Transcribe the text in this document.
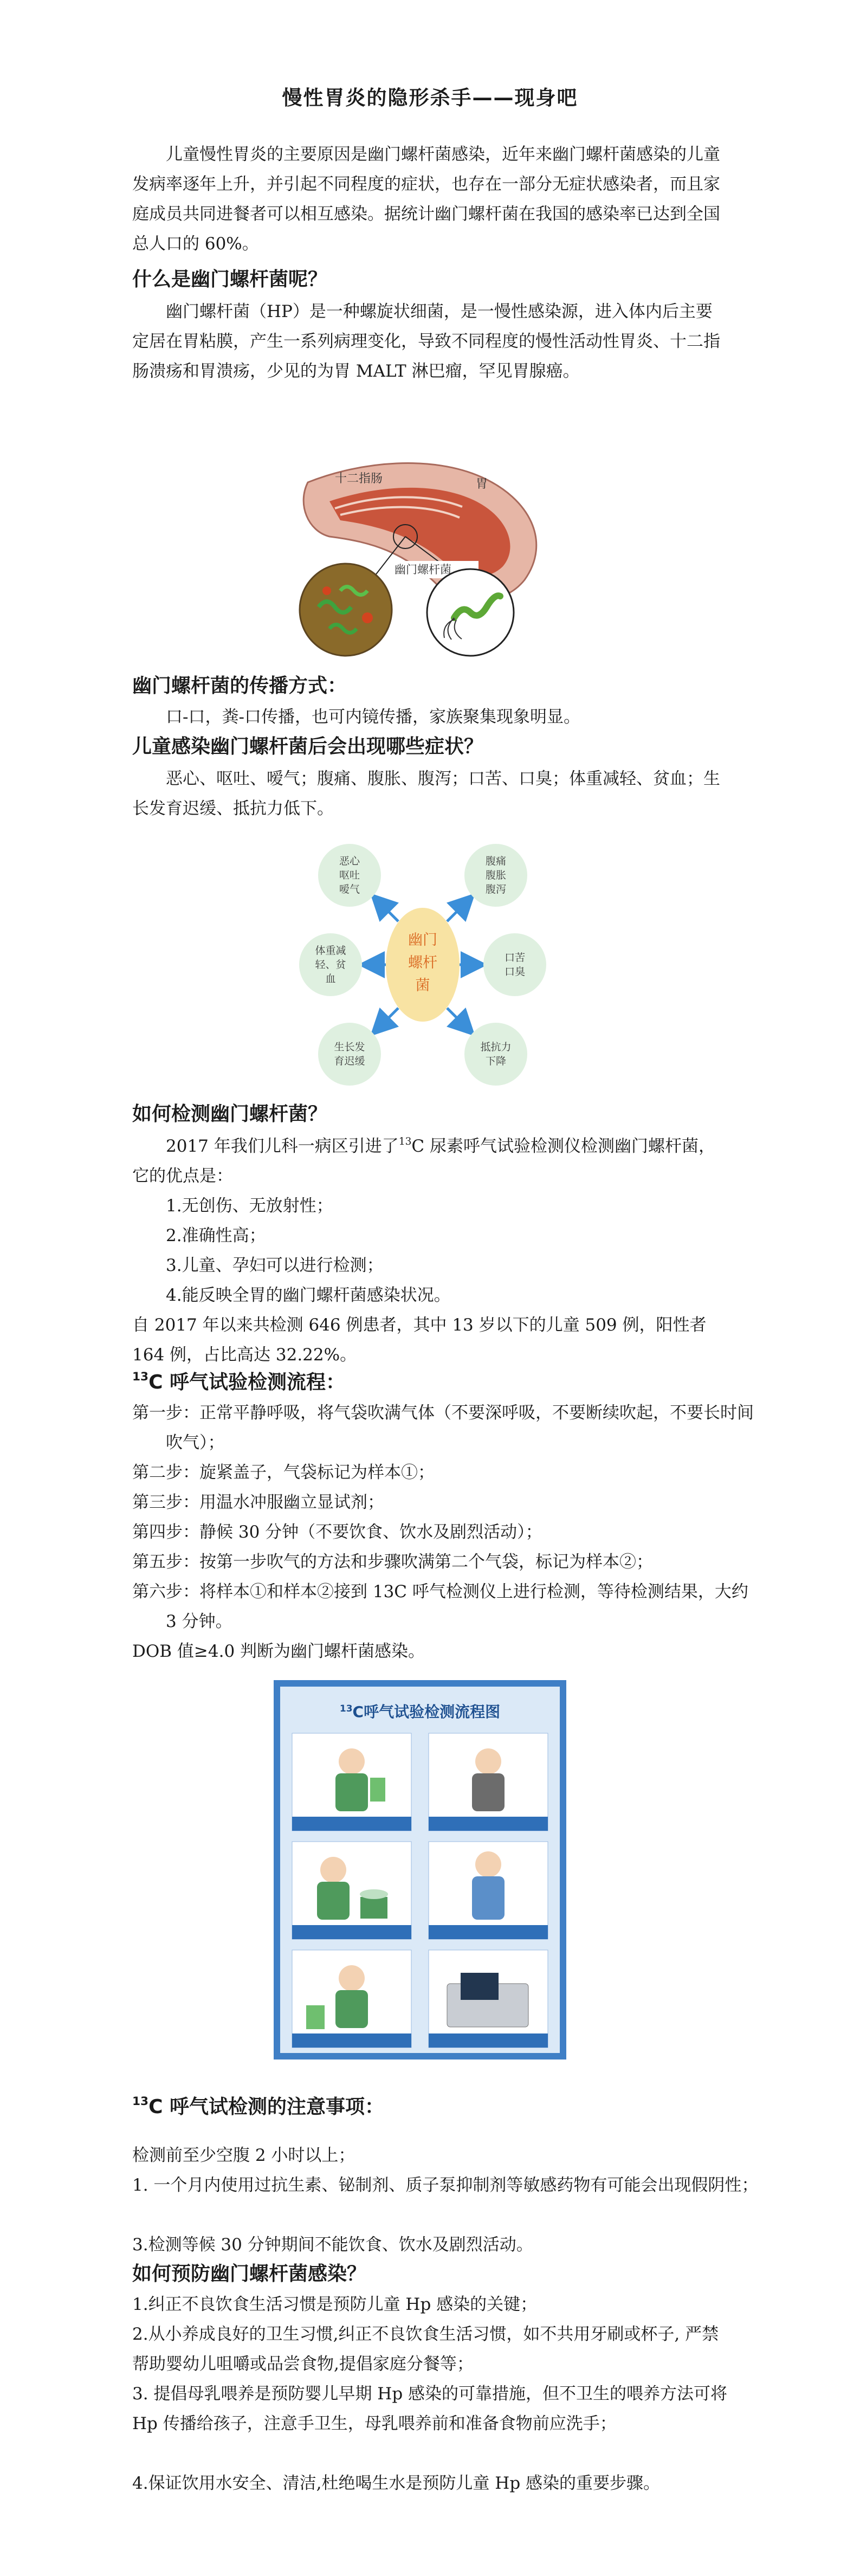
慢性胃炎的隐形杀手——现身吧

儿童慢性胃炎的主要原因是幽门螺杆菌感染，近年来幽门螺杆菌感染的儿童发病率逐年上升，并引起不同程度的症状，也存在一部分无症状感染者，而且家庭成员共同进餐者可以相互感染。据统计幽门螺杆菌在我国的感染率已达到全国总人口的 60%。

什么是幽门螺杆菌呢？

幽门螺杆菌（HP）是一种螺旋状细菌，是一慢性感染源，进入体内后主要定居在胃粘膜，产生一系列病理变化，导致不同程度的慢性活动性胃炎、十二指肠溃疡和胃溃疡，少见的为胃 MALT 淋巴瘤，罕见胃腺癌。

十二指肠	胃
幽门螺杆菌
幽门螺杆菌的传播方式：

口-口，粪-口传播，也可内镜传播，家族聚集现象明显。

儿童感染幽门螺杆菌后会出现哪些症状？

恶心、呕吐、嗳气；腹痛、腹胀、腹泻；口苦、口臭；体重减轻、贫血；生长发育迟缓、抵抗力低下。

幽门
螺杆
菌
恶心
呕吐
嗳气
腹痛
腹胀
腹泻
体重减
轻、贫
血
口苦
口臭
生长发
育迟缓
抵抗力
下降
如何检测幽门螺杆菌？

2017 年我们儿科一病区引进了$^{13}$C 尿素呼气试验检测仪检测幽门螺杆菌，它的优点是：

1.无创伤、无放射性；

2.准确性高；

3.儿童、孕妇可以进行检测；

4.能反映全胃的幽门螺杆菌感染状况。

自 2017 年以来共检测 646 例患者，其中 13 岁以下的儿童 509 例，阳性者 164 例，占比高达 32.22%。

$^{13}$C 呼气试验检测流程：

第一步：正常平静呼吸，将气袋吹满气体（不要深呼吸，不要断续吹起，不要长时间吹气）；

第二步：旋紧盖子，气袋标记为样本①；

第三步：用温水冲服幽立显试剂；

第四步：静候 30 分钟（不要饮食、饮水及剧烈活动）；

第五步：按第一步吹气的方法和步骤吹满第二个气袋，标记为样本②；

第六步：将样本①和样本②接到 13C 呼气检测仪上进行检测，等待检测结果，大约 3 分钟。

DOB 值≥4.0 判断为幽门螺杆菌感染。

$^{13}$C呼气试验检测流程图
$^{13}$C 呼气试检测的注意事项：

检测前至少空腹 2 小时以上；

1. 一个月内使用过抗生素、铋制剂、质子泵抑制剂等敏感药物有可能会出现假阴性；

3.检测等候 30 分钟期间不能饮食、饮水及剧烈活动。

如何预防幽门螺杆菌感染？

1.纠正不良饮食生活习惯是预防儿童 Hp 感染的关键；

2.从小养成良好的卫生习惯,纠正不良饮食生活习惯，如不共用牙刷或杯子, 严禁帮助婴幼儿咀嚼或品尝食物,提倡家庭分餐等；

3. 提倡母乳喂养是预防婴儿早期 Hp 感染的可靠措施，但不卫生的喂养方法可将 Hp 传播给孩子，注意手卫生，母乳喂养前和准备食物前应洗手；

4.保证饮用水安全、清洁,杜绝喝生水是预防儿童 Hp 感染的重要步骤。
